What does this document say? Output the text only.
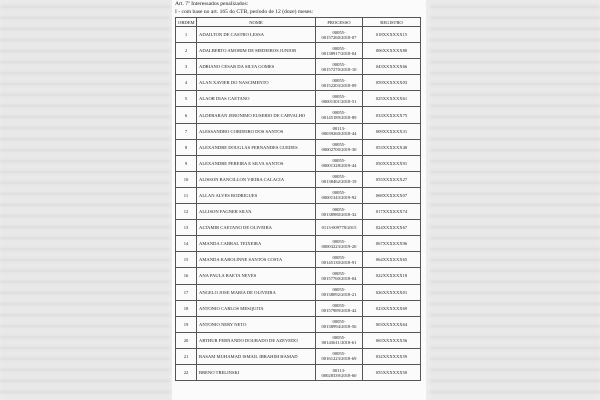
Art. 7º Interessados penalizados:
I - com base no art. 165 do CTB, período de 12 (doze) meses:
ORDEM	NOME	PROCESSO	REGISTRO
1	ADAILTON DE CASTRO LESSA	00055-00157260/2018-07	018XXXXXX15
2	ADALBERTO AMORIM DE MEDEIROS JUNIOR	00055-00138917/2018-04	006XXXXXX80
3	ADRIANO CESAR DA SILVA GOMES	00055-00157270/2018-10	043XXXXXX66
4	ALAN XAVIER DO NASCIMENTO	00055-00152203/2018-09	059XXXXXX03
5	ALAOR DIAS CAETANO	00055-00001301/2018-51	025XXXXXX61
6	ALDEBARAN JERONIMO EUSEBIO DE CARVALHO	00055-00145189/2018-89	033XXXXXX75
7	ALESSANDRO CORDEIRO DOS SANTOS	00113-00039260/2018-44	009XXXXXX31
8	ALEXANDRE DOUGLAS FERNANDES GUEDES	00055-00002700/2019-30	053XXXXXX40
9	ALEXANDRE PEREIRA E SILVA SANTOS	00055-00001328/2019-44	050XXXXXX91
10	ALISSON BANCILLON VIEIRA CALACIA	00055-00138462/2018-19	055XXXXXX27
11	ALLAN ALVES RODRIGUES	00055-00001343/2019-92	068XXXXXX07
12	ALLISON FAGNER SILVA	00055-00138980/2018-32	017XXXXXX74
13	ALTAMIR CAETANO DE OLIVEIRA	0113-009778/2015	024XXXXXX67
14	AMANDA CABRAL TEIXEIRA	00055-00003223/2019-20	067XXXXXX96
15	AMANDA KAROLINNE SANTOS COSTA	00055-00145130/2018-91	064XXXXXX65
16	ANA PAULA BAETA NEVES	00055-00157760/2018-04	022XXXXXX18
17	ANGELO JOSE MARIA DE OLIVEIRA	00055-00138092/2018-21	026XXXXXX01
18	ANTONIO CARLOS MESQUITA	00055-00157989/2018-42	023XXXXXX69
19	ANTONIO NERY NETO	00055-00138994/2018-56	003XXXXXX64
20	ARTHUR FERNANDO DOURADO DE AZEVEDO	00055-00143611/2018-61	065XXXXXX56
21	BASAM MUHAMAD ISMAIL IBRAHIM HAMAD	00055-00161223/2018-69	032XXXXXX59
22	BRENO TRELINSKI	00113-00028339/2018-60	055XXXXXX50
